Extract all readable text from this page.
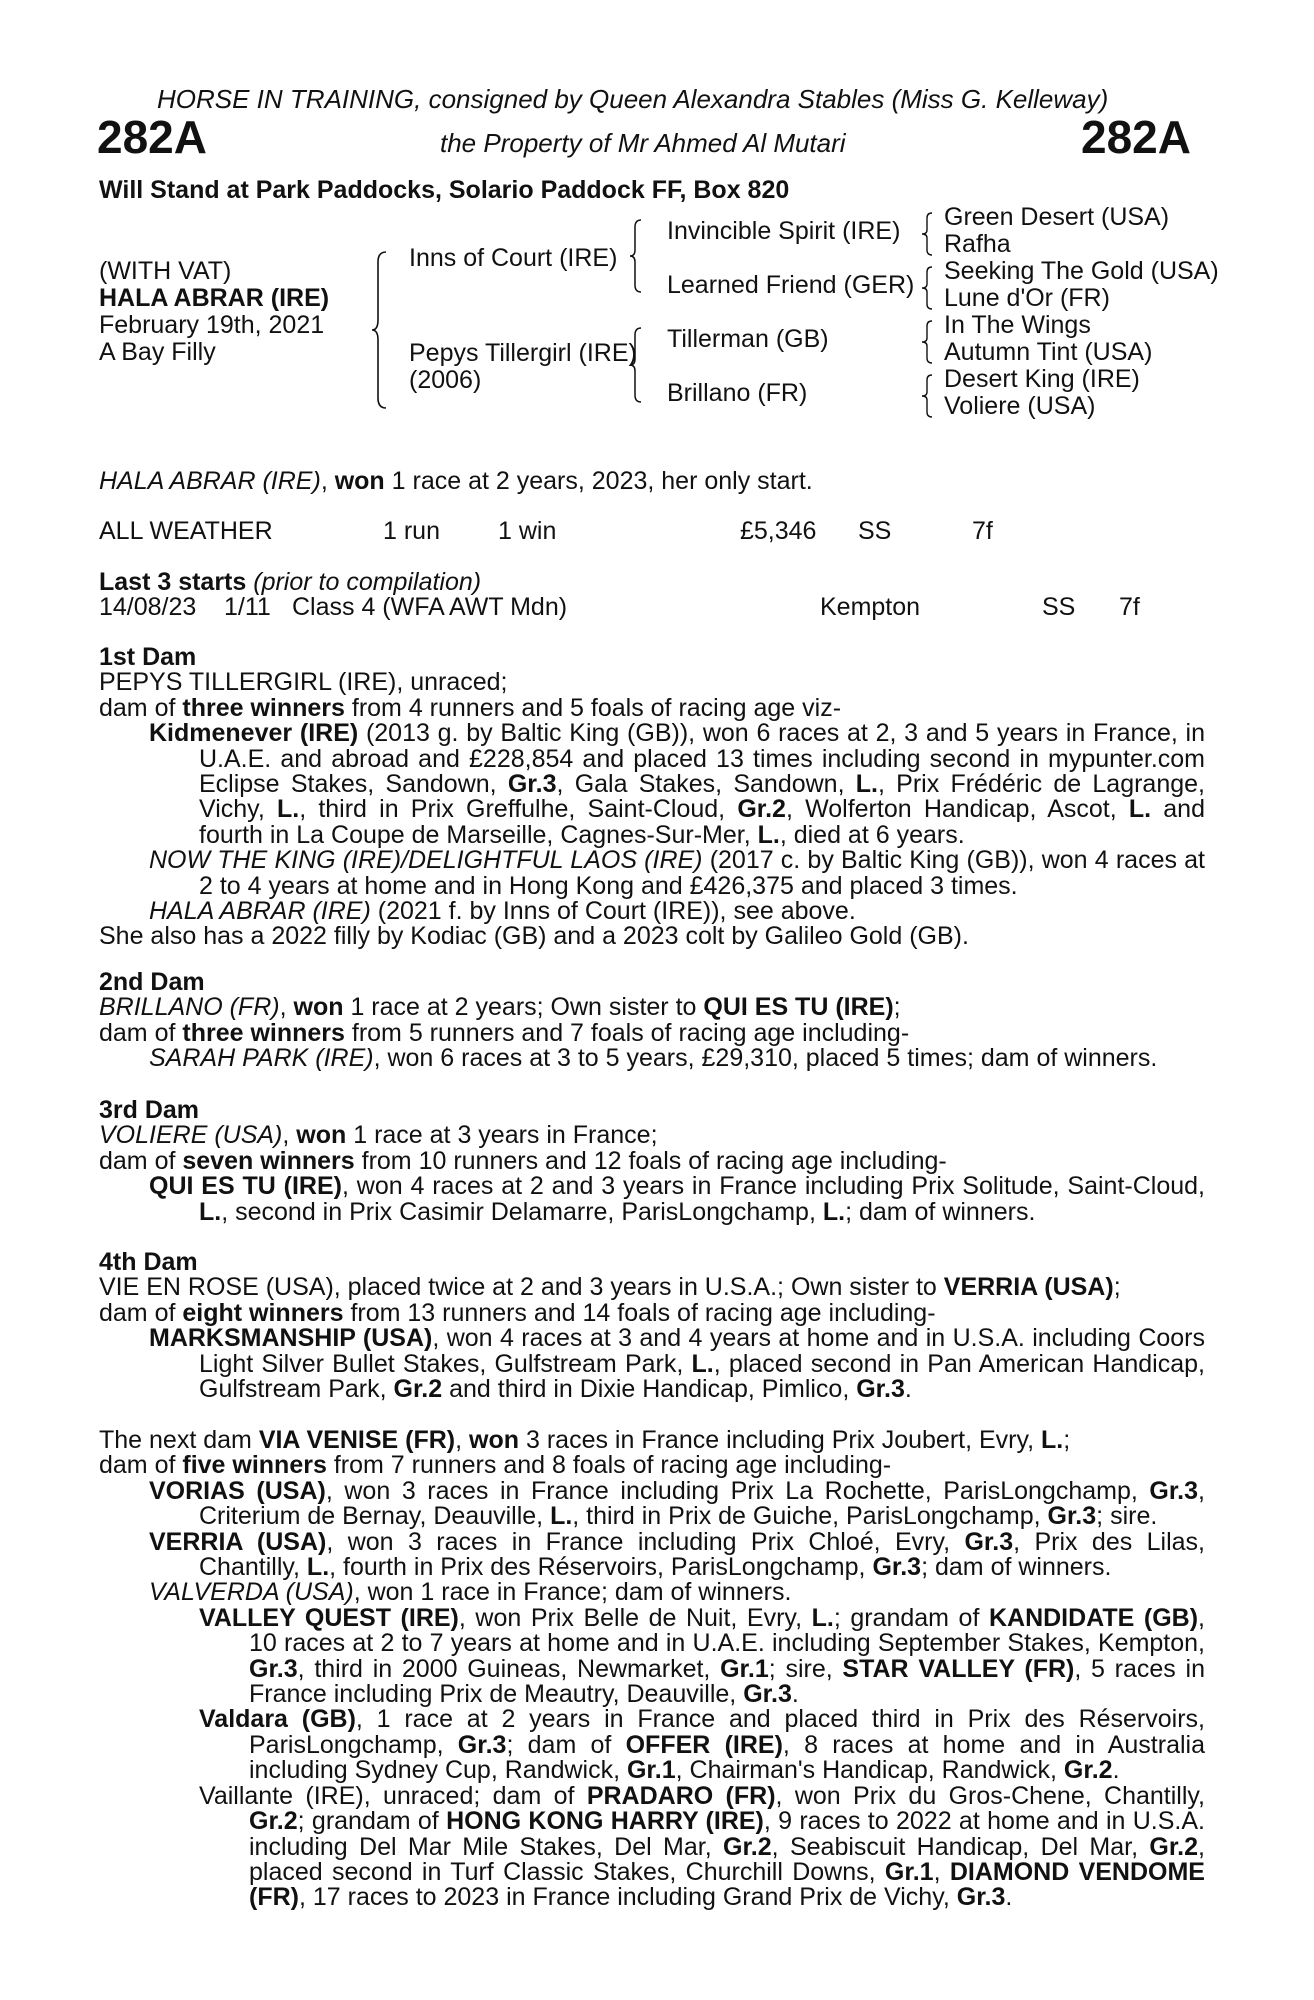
HORSE IN TRAINING, consigned by Queen Alexandra Stables (Miss G. Kelleway)
282A	the Property of Mr Ahmed Al Mutari	282A
Will Stand at Park Paddocks, Solario Paddock FF, Box 820
(WITH VAT)
HALA ABRAR (IRE)
February 19th, 2021
A Bay Filly
Inns of Court (IRE)
Pepys Tillergirl (IRE)
(2006)
Invincible Spirit (IRE)
Learned Friend (GER)
Tillerman (GB)
Brillano (FR)
Green Desert (USA)
Rafha
Seeking The Gold (USA)
Lune d'Or (FR)
In The Wings
Autumn Tint (USA)
Desert King (IRE)
Voliere (USA)
HALA ABRAR (IRE), won 1 race at 2 years, 2023, her only start.
ALL WEATHER	1 run 1 win	£5,346 SS	7f
Last 3 starts (prior to compilation)
14/08/23 1/11 Class 4 (WFA AWT Mdn)	Kempton	SS 7f
1st Dam
PEPYS TILLERGIRL (IRE), unraced;
dam of three winners from 4 runners and 5 foals of racing age viz-
Kidmenever (IRE) (2013 g. by Baltic King (GB)), won 6 races at 2, 3 and 5 years in France, in U.A.E. and abroad and £228,854 and placed 13 times including second in mypunter.com Eclipse Stakes, Sandown, Gr.3, Gala Stakes, Sandown, L., Prix Frédéric de Lagrange, Vichy, L., third in Prix Greffulhe, Saint-Cloud, Gr.2, Wolferton Handicap, Ascot, L. and fourth in La Coupe de Marseille, Cagnes-Sur-Mer, L., died at 6 years.
NOW THE KING (IRE)/DELIGHTFUL LAOS (IRE) (2017 c. by Baltic King (GB)), won 4 races at 2 to 4 years at home and in Hong Kong and £426,375 and placed 3 times.
HALA ABRAR (IRE) (2021 f. by Inns of Court (IRE)), see above.
She also has a 2022 filly by Kodiac (GB) and a 2023 colt by Galileo Gold (GB).
2nd Dam
BRILLANO (FR), won 1 race at 2 years; Own sister to QUI ES TU (IRE);
dam of three winners from 5 runners and 7 foals of racing age including-
SARAH PARK (IRE), won 6 races at 3 to 5 years, £29,310, placed 5 times; dam of winners.
3rd Dam
VOLIERE (USA), won 1 race at 3 years in France;
dam of seven winners from 10 runners and 12 foals of racing age including-
QUI ES TU (IRE), won 4 races at 2 and 3 years in France including Prix Solitude, Saint-Cloud, L., second in Prix Casimir Delamarre, ParisLongchamp, L.; dam of winners.
4th Dam
VIE EN ROSE (USA), placed twice at 2 and 3 years in U.S.A.; Own sister to VERRIA (USA);
dam of eight winners from 13 runners and 14 foals of racing age including-
MARKSMANSHIP (USA), won 4 races at 3 and 4 years at home and in U.S.A. including Coors Light Silver Bullet Stakes, Gulfstream Park, L., placed second in Pan American Handicap, Gulfstream Park, Gr.2 and third in Dixie Handicap, Pimlico, Gr.3.
The next dam VIA VENISE (FR), won 3 races in France including Prix Joubert, Evry, L.;
dam of five winners from 7 runners and 8 foals of racing age including-
VORIAS (USA), won 3 races in France including Prix La Rochette, ParisLongchamp, Gr.3, Criterium de Bernay, Deauville, L., third in Prix de Guiche, ParisLongchamp, Gr.3; sire.
VERRIA (USA), won 3 races in France including Prix Chloé, Evry, Gr.3, Prix des Lilas, Chantilly, L., fourth in Prix des Réservoirs, ParisLongchamp, Gr.3; dam of winners.
VALVERDA (USA), won 1 race in France; dam of winners.
VALLEY QUEST (IRE), won Prix Belle de Nuit, Evry, L.; grandam of KANDIDATE (GB), 10 races at 2 to 7 years at home and in U.A.E. including September Stakes, Kempton, Gr.3, third in 2000 Guineas, Newmarket, Gr.1; sire, STAR VALLEY (FR), 5 races in France including Prix de Meautry, Deauville, Gr.3.
Valdara (GB), 1 race at 2 years in France and placed third in Prix des Réservoirs, ParisLongchamp, Gr.3; dam of OFFER (IRE), 8 races at home and in Australia including Sydney Cup, Randwick, Gr.1, Chairman's Handicap, Randwick, Gr.2.
Vaillante (IRE), unraced; dam of PRADARO (FR), won Prix du Gros-Chene, Chantilly, Gr.2; grandam of HONG KONG HARRY (IRE), 9 races to 2022 at home and in U.S.A. including Del Mar Mile Stakes, Del Mar, Gr.2, Seabiscuit Handicap, Del Mar, Gr.2, placed second in Turf Classic Stakes, Churchill Downs, Gr.1, DIAMOND VENDOME (FR), 17 races to 2023 in France including Grand Prix de Vichy, Gr.3.
